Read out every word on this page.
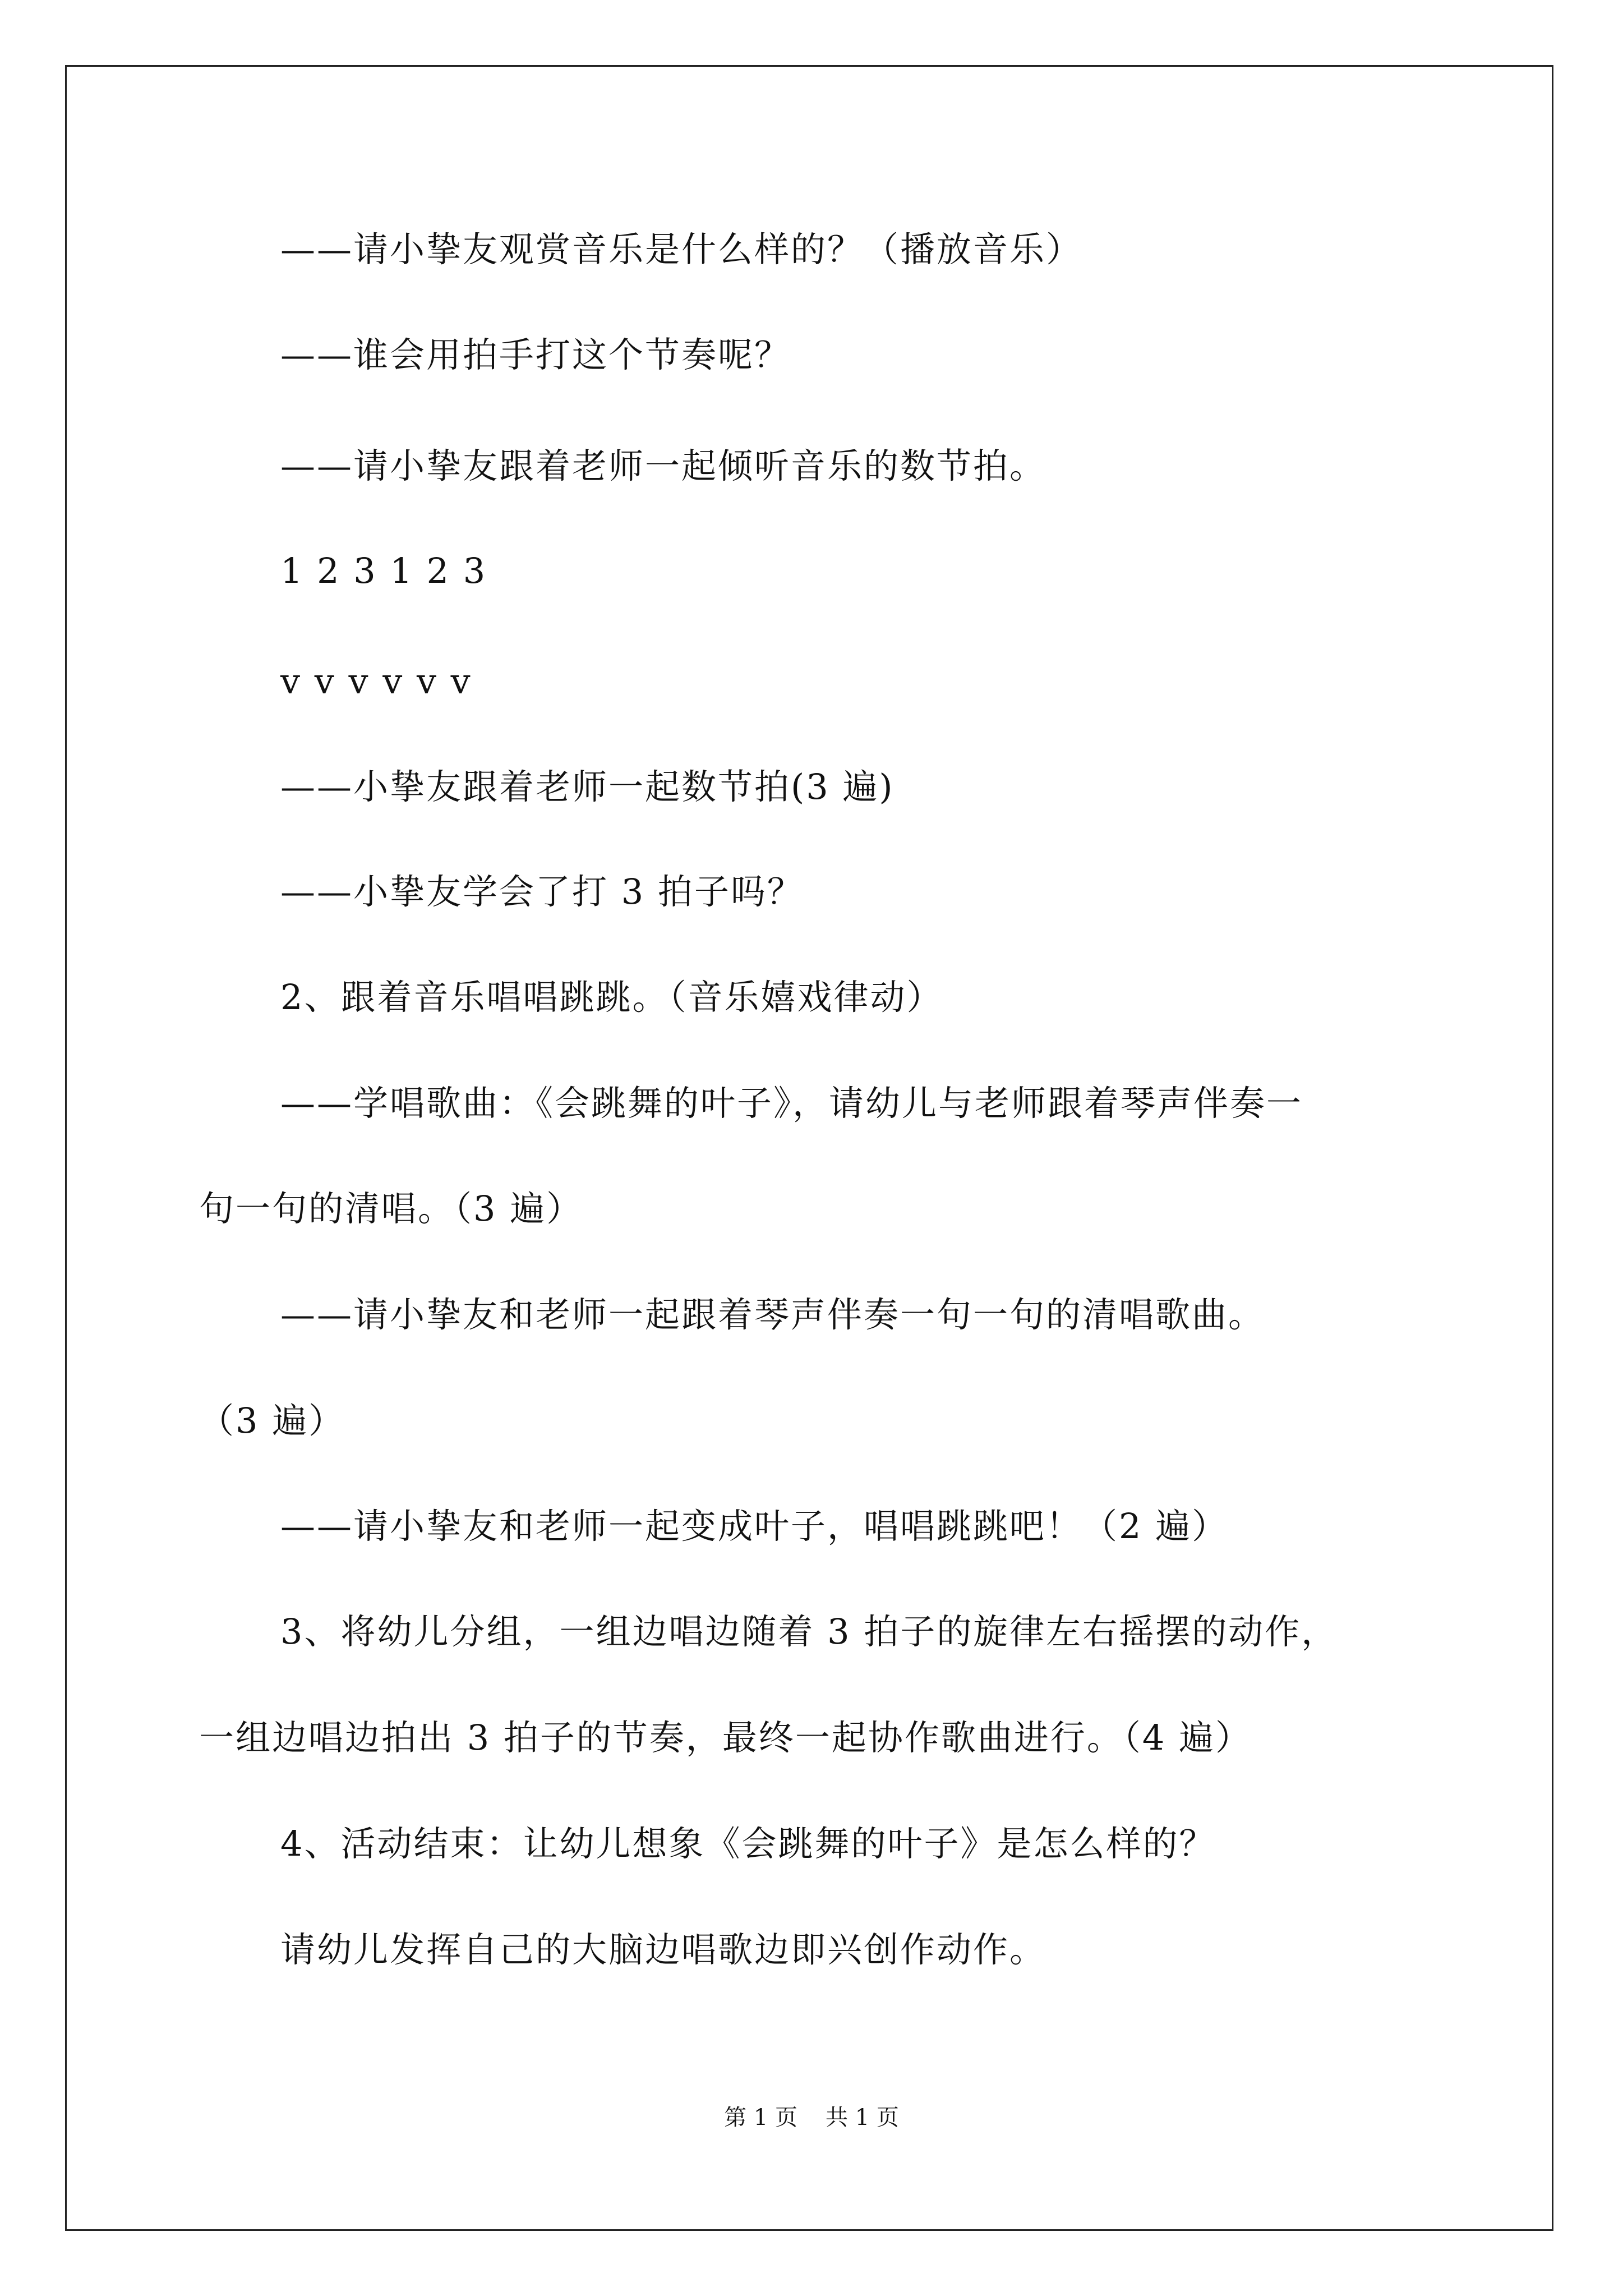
——请小挚友观赏音乐是什么样的？（播放音乐）
——谁会用拍手打这个节奏呢？
——请小挚友跟着老师一起倾听音乐的数节拍。
1 2 3 1 2 3
v v v v v v
——小挚友跟着老师一起数节拍(3 遍)
——小挚友学会了打 3 拍子吗？
2、跟着音乐唱唱跳跳。（音乐嬉戏律动）
——学唱歌曲：《会跳舞的叶子》，请幼儿与老师跟着琴声伴奏一
句一句的清唱。（3 遍）
——请小挚友和老师一起跟着琴声伴奏一句一句的清唱歌曲。
（3 遍）
——请小挚友和老师一起变成叶子，唱唱跳跳吧！（2 遍）
3、将幼儿分组，一组边唱边随着 3 拍子的旋律左右摇摆的动作，
一组边唱边拍出 3 拍子的节奏，最终一起协作歌曲进行。（4 遍）
4、活动结束：让幼儿想象《会跳舞的叶子》是怎么样的？
请幼儿发挥自己的大脑边唱歌边即兴创作动作。
第 1 页 共 1 页
